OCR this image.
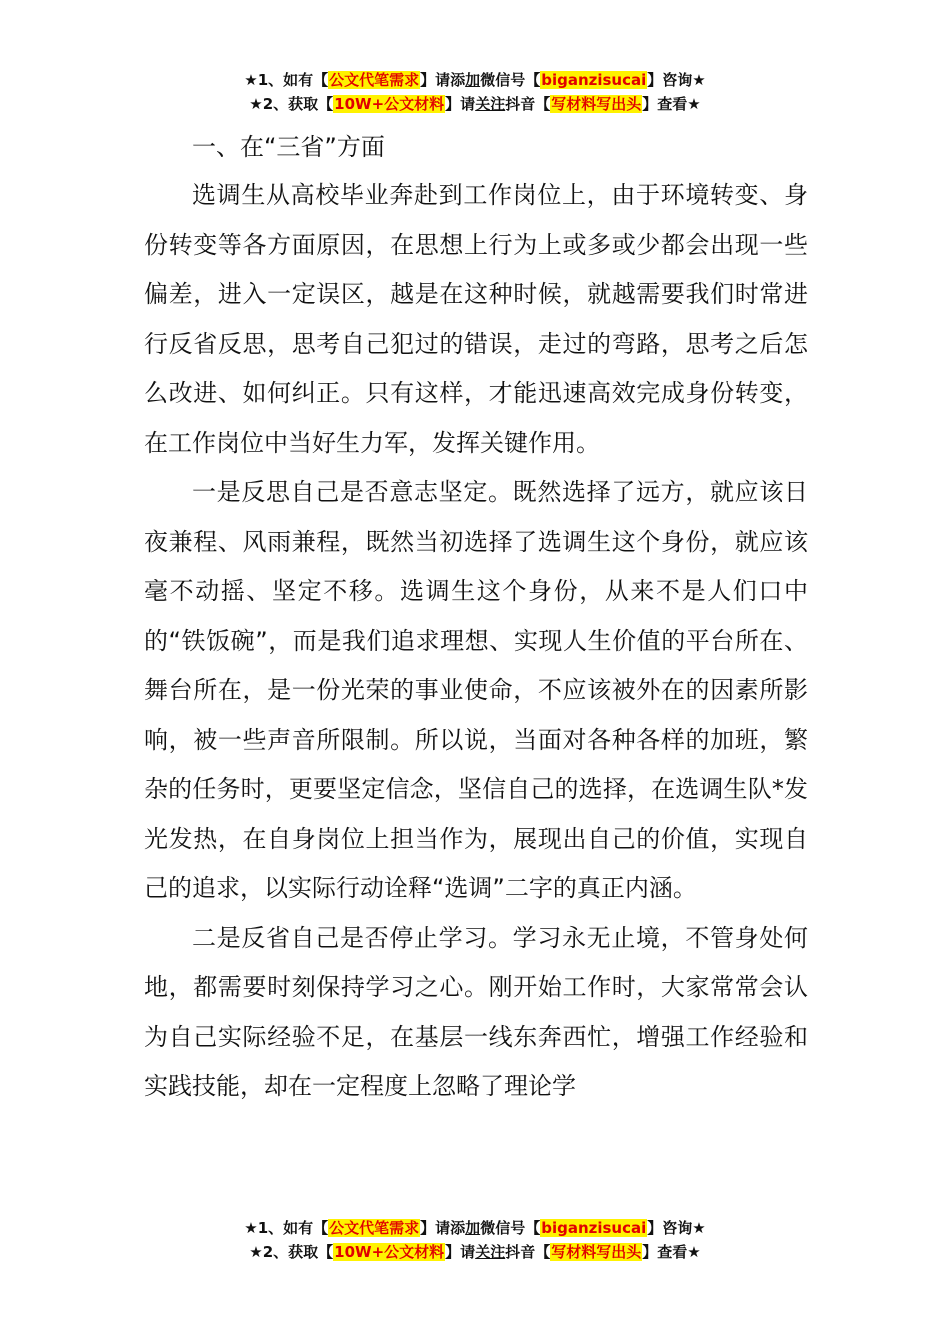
★1、如有【公文代笔需求】请添加微信号【biganzisucai】咨询★
★2、获取【10W+公文材料】请关注抖音【写材料写出头】查看★
一、在“三省”方面

选调生从高校毕业奔赴到工作岗位上，由于环境转变、身份转变等各方面原因，在思想上行为上或多或少都会出现一些偏差，进入一定误区，越是在这种时候，就越需要我们时常进行反省反思，思考自己犯过的错误，走过的弯路，思考之后怎么改进、如何纠正。只有这样，才能迅速高效完成身份转变，在工作岗位中当好生力军，发挥关键作用。

一是反思自己是否意志坚定。既然选择了远方，就应该日夜兼程、风雨兼程，既然当初选择了选调生这个身份，就应该毫不动摇、坚定不移。选调生这个身份，从来不是人们口中的“铁饭碗”，而是我们追求理想、实现人生价值的平台所在、舞台所在，是一份光荣的事业使命，不应该被外在的因素所影响，被一些声音所限制。所以说，当面对各种各样的加班，繁杂的任务时，更要坚定信念，坚信自己的选择，在选调生队*发光发热，在自身岗位上担当作为，展现出自己的价值，实现自己的追求，以实际行动诠释“选调”二字的真正内涵。

二是反省自己是否停止学习。学习永无止境，不管身处何地，都需要时刻保持学习之心。刚开始工作时，大家常常会认为自己实际经验不足，在基层一线东奔西忙，增强工作经验和实践技能，却在一定程度上忽略了理论学

★1、如有【公文代笔需求】请添加微信号【biganzisucai】咨询★
★2、获取【10W+公文材料】请关注抖音【写材料写出头】查看★
